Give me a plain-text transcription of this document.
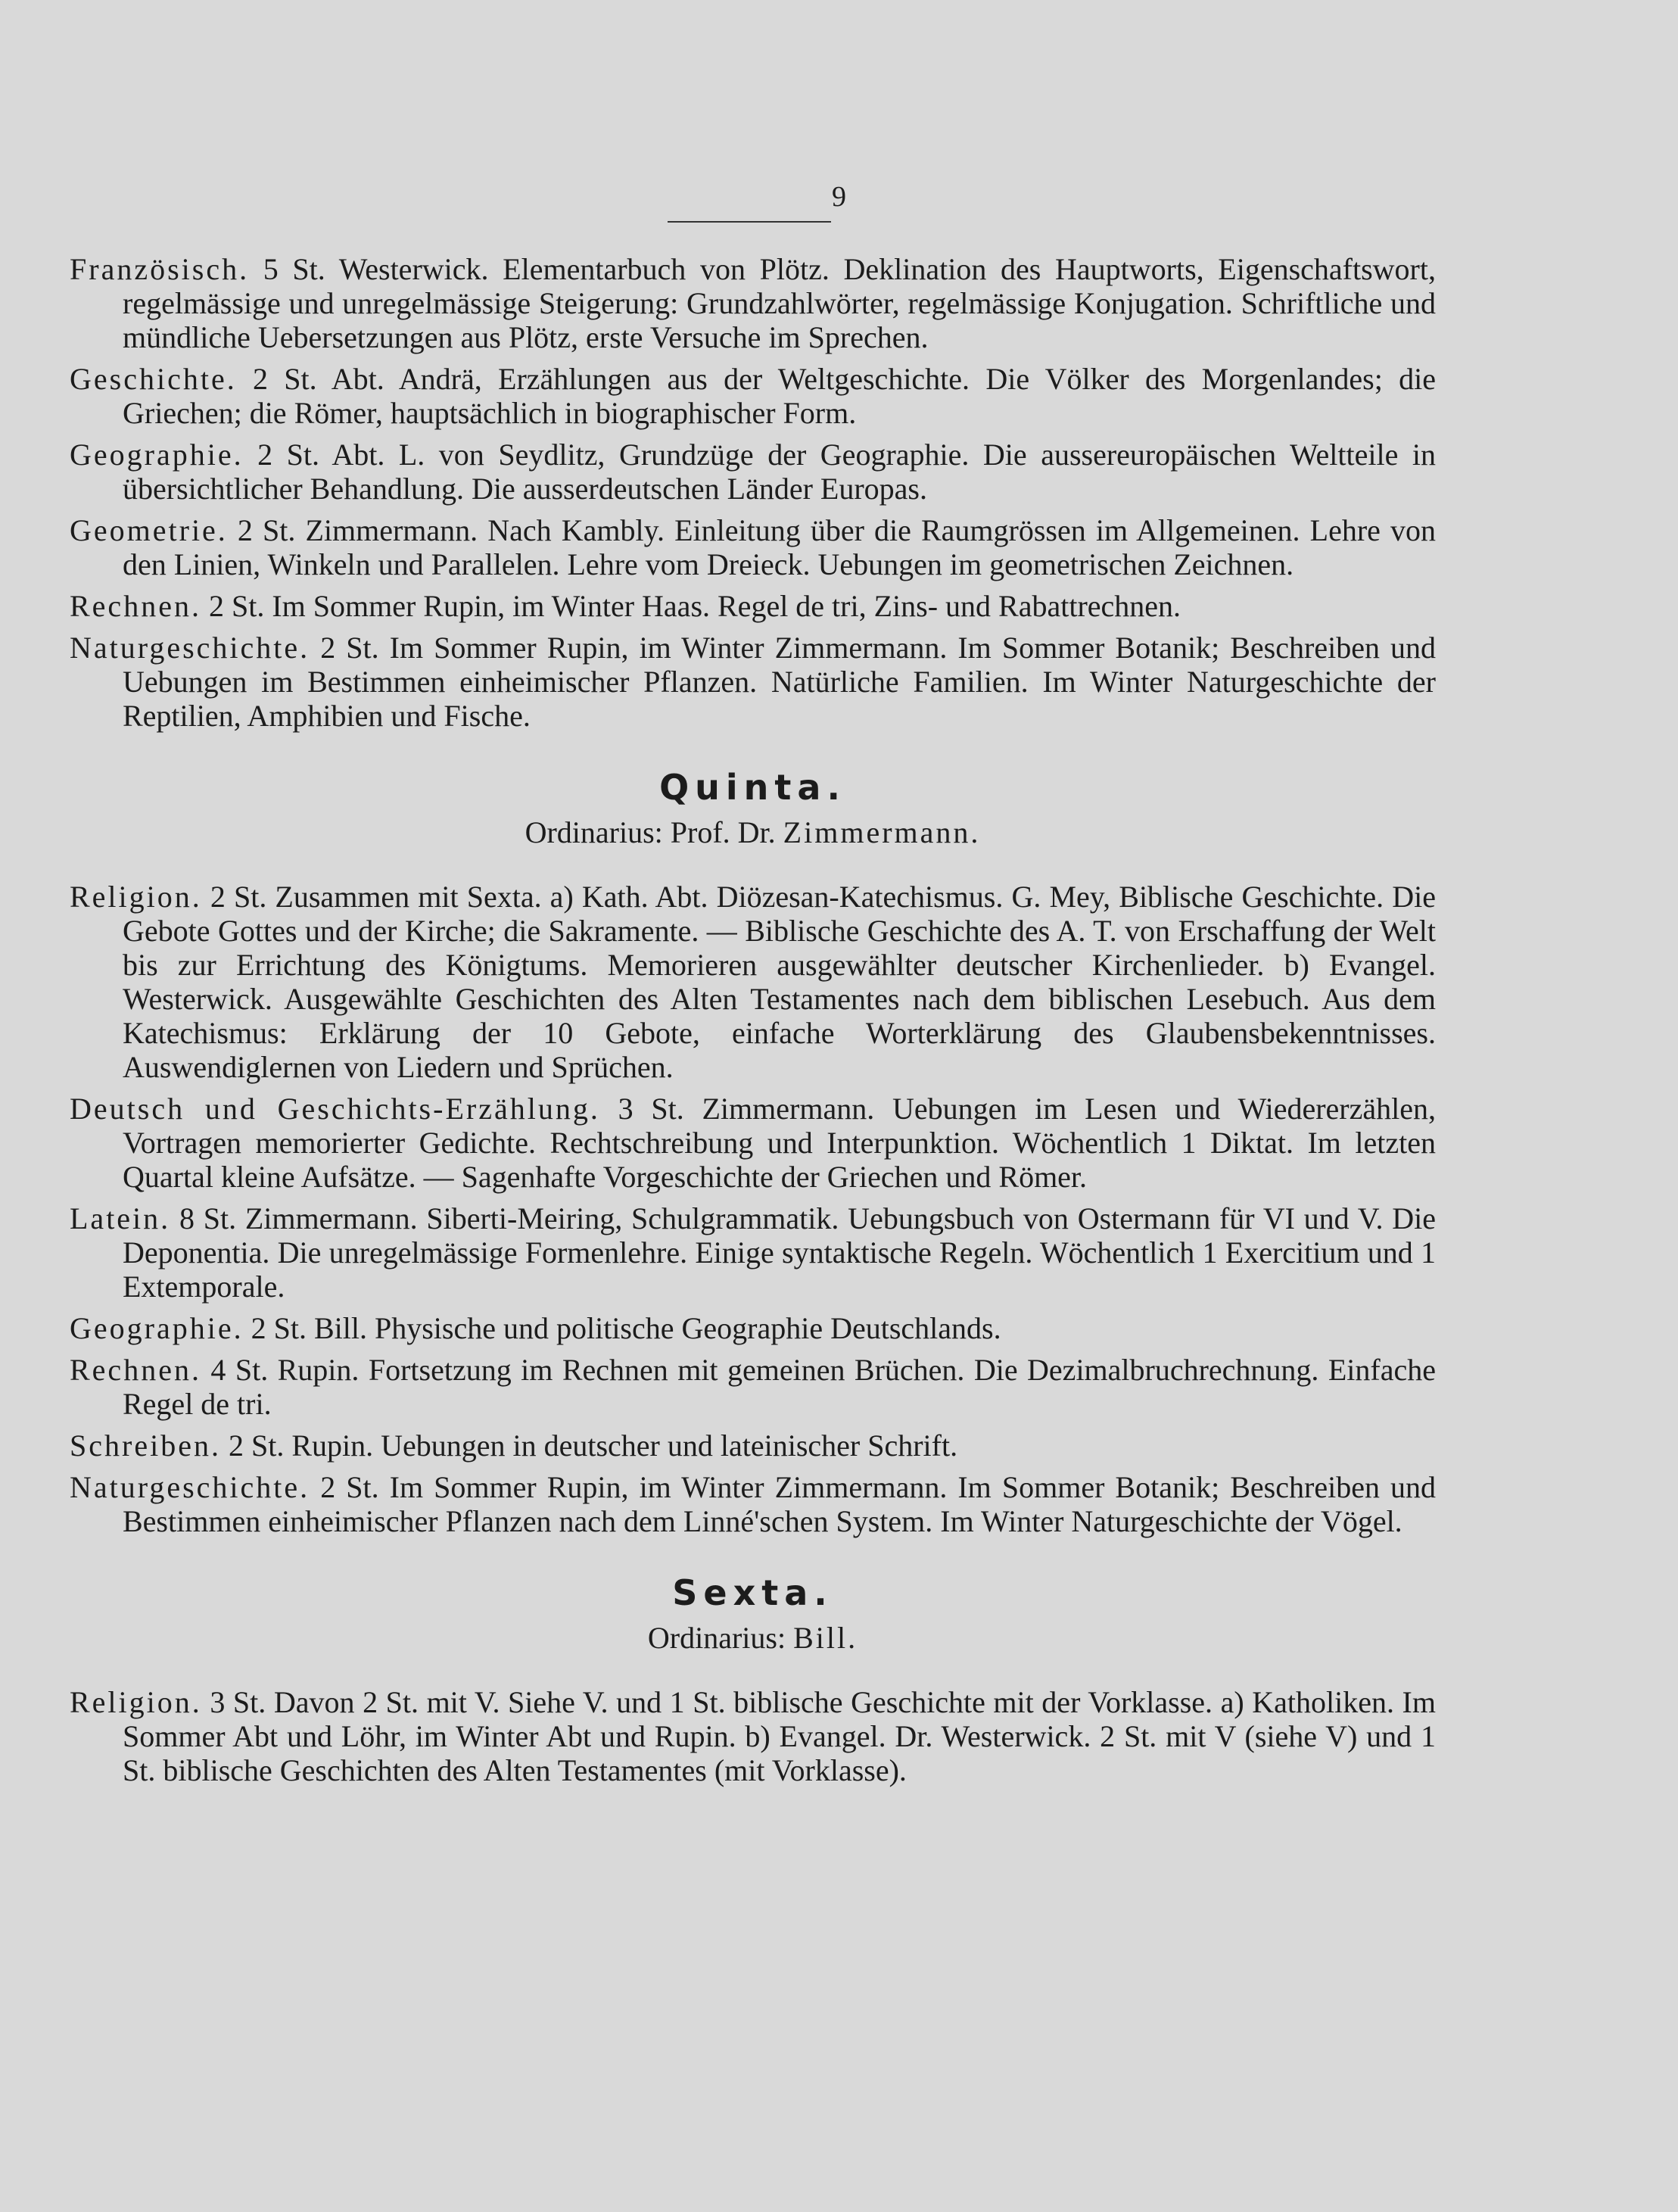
9

Französisch. 5 St. Westerwick. Elementarbuch von Plötz. Deklination des Hauptworts, Eigenschaftswort, regelmässige und unregelmässige Steigerung: Grundzahlwörter, regelmässige Konjugation. Schriftliche und mündliche Uebersetzungen aus Plötz, erste Versuche im Sprechen.

Geschichte. 2 St. Abt. Andrä, Erzählungen aus der Weltgeschichte. Die Völker des Morgenlandes; die Griechen; die Römer, hauptsächlich in biographischer Form.

Geographie. 2 St. Abt. L. von Seydlitz, Grundzüge der Geographie. Die aussereuropäischen Weltteile in übersichtlicher Behandlung. Die ausserdeutschen Länder Europas.

Geometrie. 2 St. Zimmermann. Nach Kambly. Einleitung über die Raumgrössen im Allgemeinen. Lehre von den Linien, Winkeln und Parallelen. Lehre vom Dreieck. Uebungen im geometrischen Zeichnen.

Rechnen. 2 St. Im Sommer Rupin, im Winter Haas. Regel de tri, Zins- und Rabattrechnen.

Naturgeschichte. 2 St. Im Sommer Rupin, im Winter Zimmermann. Im Sommer Botanik; Beschreiben und Uebungen im Bestimmen einheimischer Pflanzen. Natürliche Familien. Im Winter Naturgeschichte der Reptilien, Amphibien und Fische.

Quinta.
Ordinarius: Prof. Dr. Zimmermann.

Religion. 2 St. Zusammen mit Sexta. a) Kath. Abt. Diözesan-Katechismus. G. Mey, Biblische Geschichte. Die Gebote Gottes und der Kirche; die Sakramente. — Biblische Geschichte des A. T. von Erschaffung der Welt bis zur Errichtung des Königtums. Memorieren ausgewählter deutscher Kirchenlieder. b) Evangel. Westerwick. Ausgewählte Geschichten des Alten Testamentes nach dem biblischen Lesebuch. Aus dem Katechismus: Erklärung der 10 Gebote, einfache Worterklärung des Glaubensbekenntnisses. Auswendiglernen von Liedern und Sprüchen.

Deutsch und Geschichts-Erzählung. 3 St. Zimmermann. Uebungen im Lesen und Wiedererzählen, Vortragen memorierter Gedichte. Rechtschreibung und Interpunktion. Wöchentlich 1 Diktat. Im letzten Quartal kleine Aufsätze. — Sagenhafte Vorgeschichte der Griechen und Römer.

Latein. 8 St. Zimmermann. Siberti-Meiring, Schulgrammatik. Uebungsbuch von Ostermann für VI und V. Die Deponentia. Die unregelmässige Formenlehre. Einige syntaktische Regeln. Wöchentlich 1 Exercitium und 1 Extemporale.

Geographie. 2 St. Bill. Physische und politische Geographie Deutschlands.

Rechnen. 4 St. Rupin. Fortsetzung im Rechnen mit gemeinen Brüchen. Die Dezimalbruchrechnung. Einfache Regel de tri.

Schreiben. 2 St. Rupin. Uebungen in deutscher und lateinischer Schrift.

Naturgeschichte. 2 St. Im Sommer Rupin, im Winter Zimmermann. Im Sommer Botanik; Beschreiben und Bestimmen einheimischer Pflanzen nach dem Linné'schen System. Im Winter Naturgeschichte der Vögel.

Sexta.
Ordinarius: Bill.

Religion. 3 St. Davon 2 St. mit V. Siehe V. und 1 St. biblische Geschichte mit der Vorklasse. a) Katholiken. Im Sommer Abt und Löhr, im Winter Abt und Rupin. b) Evangel. Dr. Westerwick. 2 St. mit V (siehe V) und 1 St. biblische Geschichten des Alten Testamentes (mit Vorklasse).
